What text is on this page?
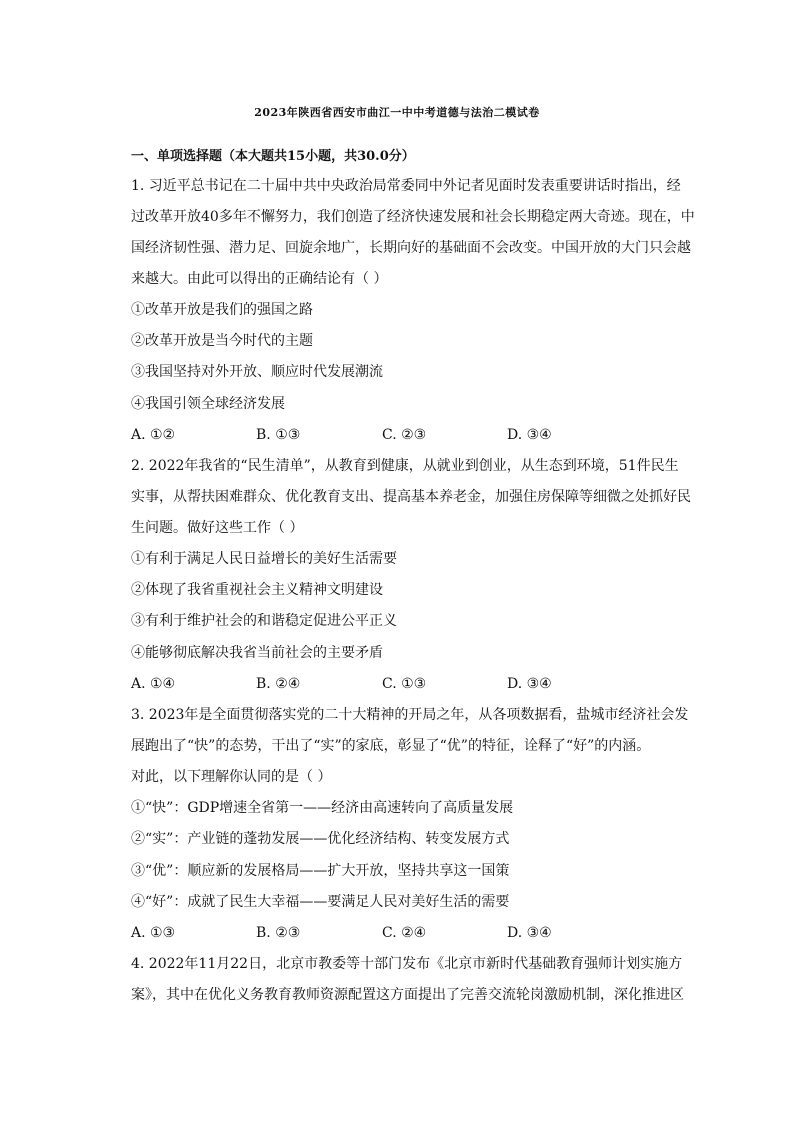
2023年陕西省西安市曲江一中中考道德与法治二模试卷
一、单项选择题（本大题共15小题，共30.0分）
1. 习近平总书记在二十届中共中央政治局常委同中外记者见面时发表重要讲话时指出，经
过改革开放40多年不懈努力，我们创造了经济快速发展和社会长期稳定两大奇迹。现在，中
国经济韧性强、潜力足、回旋余地广，长期向好的基础面不会改变。中国开放的大门只会越
来越大。由此可以得出的正确结论有（ ）
①改革开放是我们的强国之路
②改革开放是当今时代的主题
③我国坚持对外开放、顺应时代发展潮流
④我国引领全球经济发展
A. ①②	B. ①③	C. ②③	D. ③④
2. 2022年我省的“民生清单”，从教育到健康，从就业到创业，从生态到环境，51件民生
实事，从帮扶困难群众、优化教育支出、提高基本养老金，加强住房保障等细微之处抓好民
生问题。做好这些工作（ ）
①有利于满足人民日益增长的美好生活需要
②体现了我省重视社会主义精神文明建设
③有利于维护社会的和谐稳定促进公平正义
④能够彻底解决我省当前社会的主要矛盾
A. ①④	B. ②④	C. ①③	D. ③④
3. 2023年是全面贯彻落实党的二十大精神的开局之年，从各项数据看，盐城市经济社会发
展跑出了“快”的态势，干出了“实”的家底，彰显了“优”的特征，诠释了“好”的内涵。
对此，以下理解你认同的是（ ）
①“快”：GDP增速全省第一——经济由高速转向了高质量发展
②“实”：产业链的蓬勃发展——优化经济结构、转变发展方式
③“优”：顺应新的发展格局——扩大开放，坚持共享这一国策
④“好”：成就了民生大幸福——要满足人民对美好生活的需要
A. ①③	B. ②③	C. ②④	D. ③④
4. 2022年11月22日，北京市教委等十部门发布《北京市新时代基础教育强师计划实施方
案》，其中在优化义务教育教师资源配置这方面提出了完善交流轮岗激励机制，深化推进区
